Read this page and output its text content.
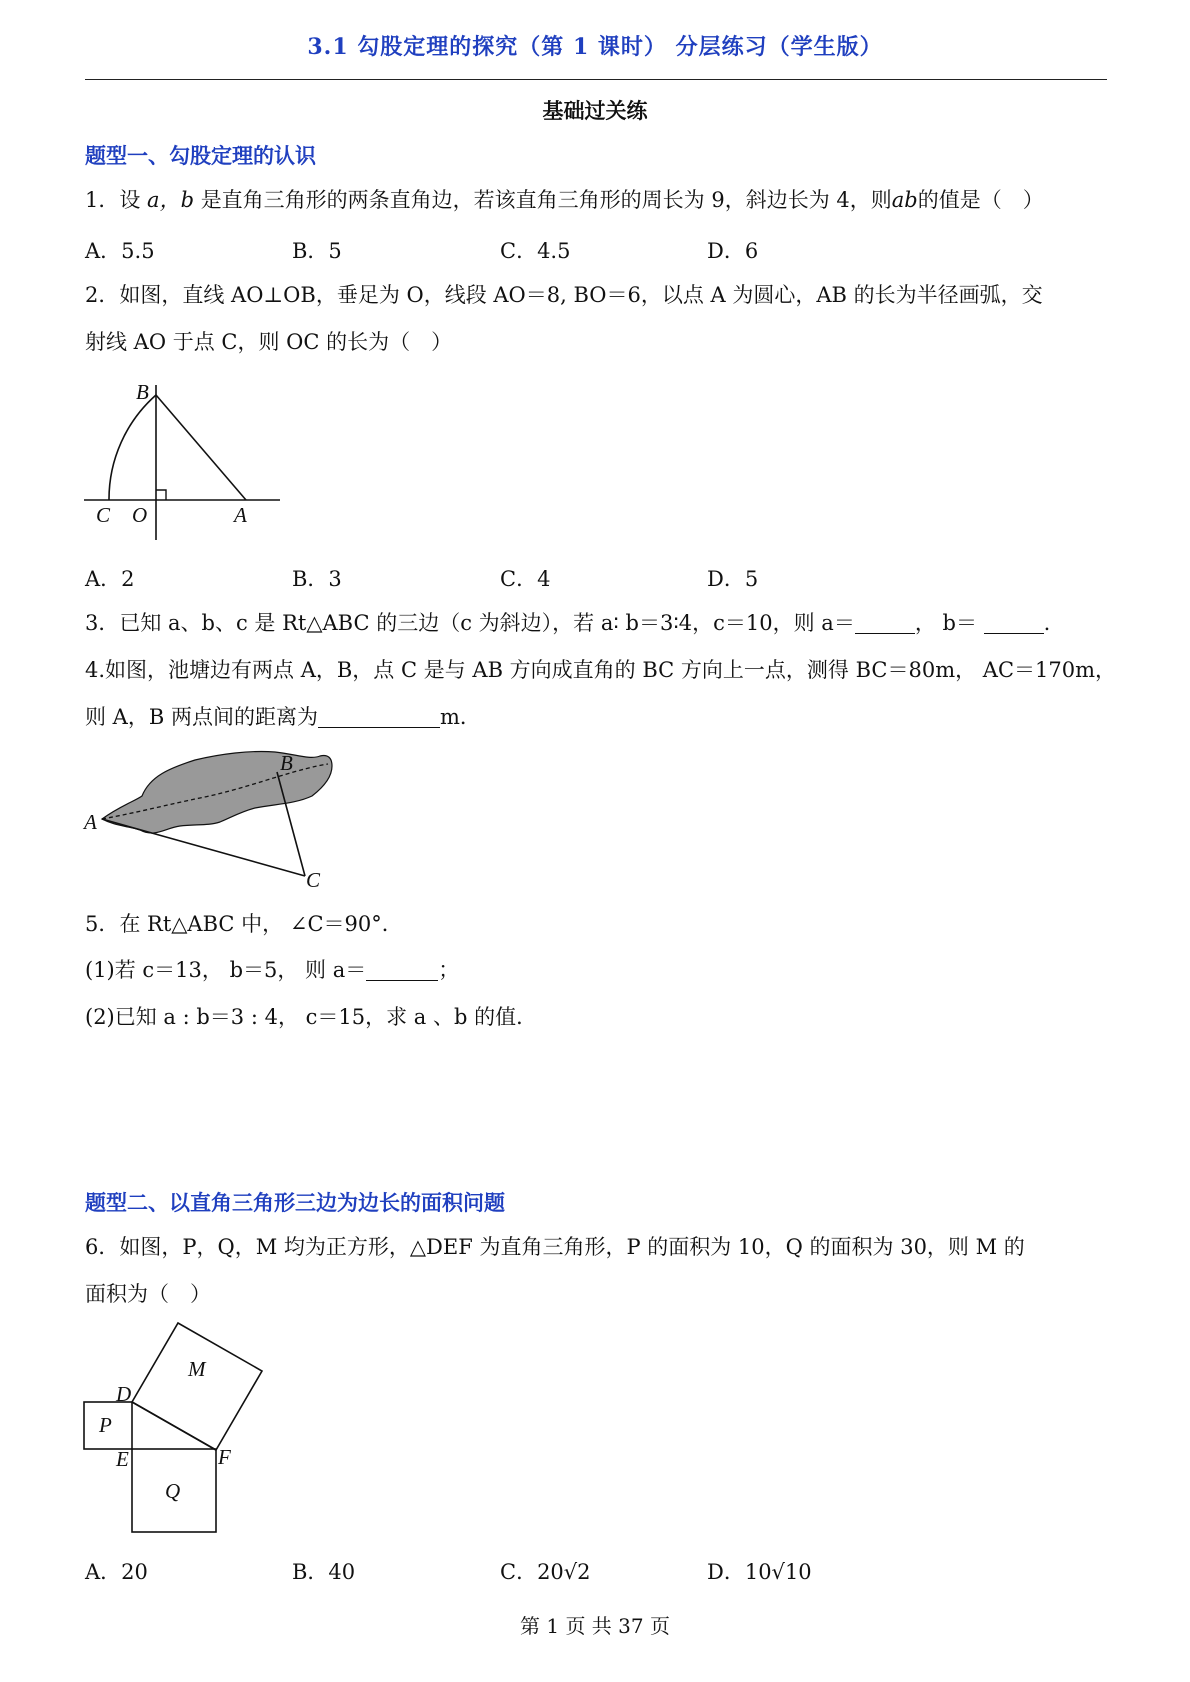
3.1 勾股定理的探究（第 1 课时） 分层练习（学生版）
基础过关练
题型一、勾股定理的认识
1．设 a，b 是直角三角形的两条直角边，若该直角三角形的周长为 9，斜边长为 4，则ab的值是（　）
A．5.5	B．5	C．4.5	D．6
2．如图，直线 AO⊥OB，垂足为 O，线段 AO＝8, BO＝6，以点 A 为圆心，AB 的长为半径画弧，交
射线 AO 于点 C，则 OC 的长为（　）
B
C O	A
A．2	B．3	C．4	D．5
3．已知 a、b、c 是 Rt△ABC 的三边（c 为斜边），若 a∶ b＝3∶4，c＝10，则 a＝	， b＝	.
4.如图，池塘边有两点 A，B，点 C 是与 AB 方向成直角的 BC 方向上一点，测得 BC＝80m， AC＝170m，
则 A，B 两点间的距离为	m．
A
B
C
5．在 Rt△ABC 中， ∠C＝90°．
(1)若 c＝13， b＝5， 则 a＝	；
(2)已知 a : b＝3 : 4， c＝15，求 a 、b 的值．
题型二、以直角三角形三边为边长的面积问题
6．如图，P，Q，M 均为正方形，△DEF 为直角三角形，P 的面积为 10，Q 的面积为 30，则 M 的
面积为（　）
M
P
Q
D
E	F
A．20	B．40	C．20√2	D．10√10
第 1 页 共 37 页
